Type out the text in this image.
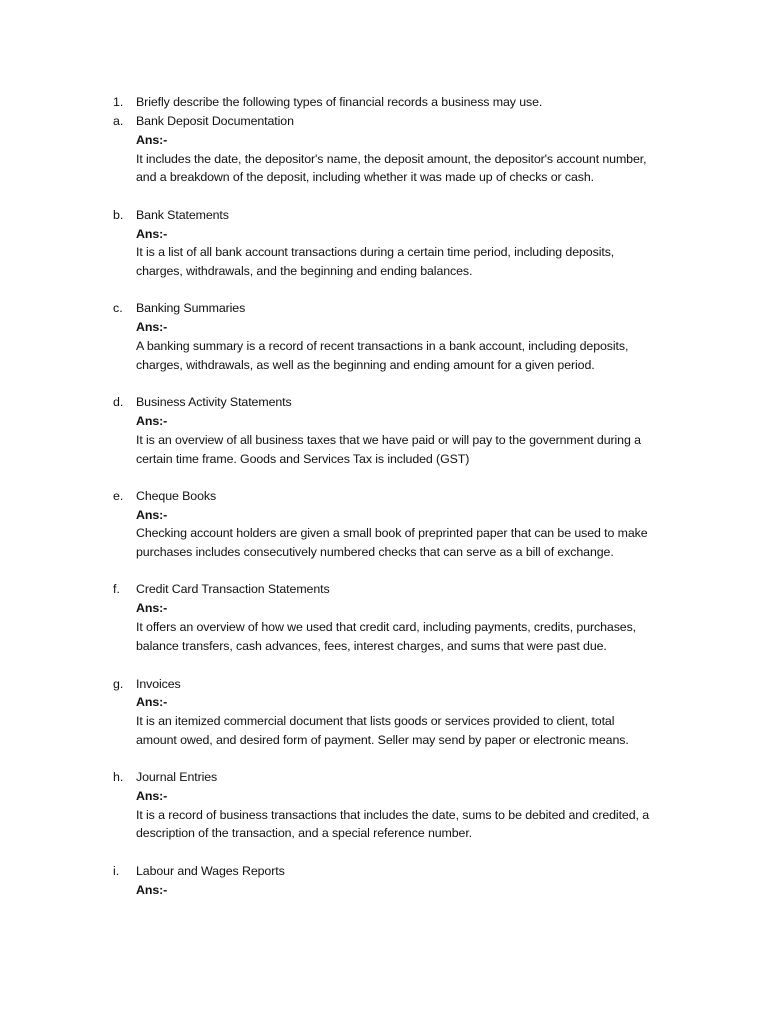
1. Briefly describe the following types of financial records a business may use.
a. Bank Deposit Documentation
Ans:-
It includes the date, the depositor's name, the deposit amount, the depositor's account number,
and a breakdown of the deposit, including whether it was made up of checks or cash.
b. Bank Statements
Ans:-
It is a list of all bank account transactions during a certain time period, including deposits,
charges, withdrawals, and the beginning and ending balances.
c. Banking Summaries
Ans:-
A banking summary is a record of recent transactions in a bank account, including deposits,
charges, withdrawals, as well as the beginning and ending amount for a given period.
d. Business Activity Statements
Ans:-
It is an overview of all business taxes that we have paid or will pay to the government during a
certain time frame. Goods and Services Tax is included (GST)
e. Cheque Books
Ans:-
Checking account holders are given a small book of preprinted paper that can be used to make
purchases includes consecutively numbered checks that can serve as a bill of exchange.
f. Credit Card Transaction Statements
Ans:-
It offers an overview of how we used that credit card, including payments, credits, purchases,
balance transfers, cash advances, fees, interest charges, and sums that were past due.
g. Invoices
Ans:-
It is an itemized commercial document that lists goods or services provided to client, total
amount owed, and desired form of payment. Seller may send by paper or electronic means.
h. Journal Entries
Ans:-
It is a record of business transactions that includes the date, sums to be debited and credited, a
description of the transaction, and a special reference number.
i. Labour and Wages Reports
Ans:-
